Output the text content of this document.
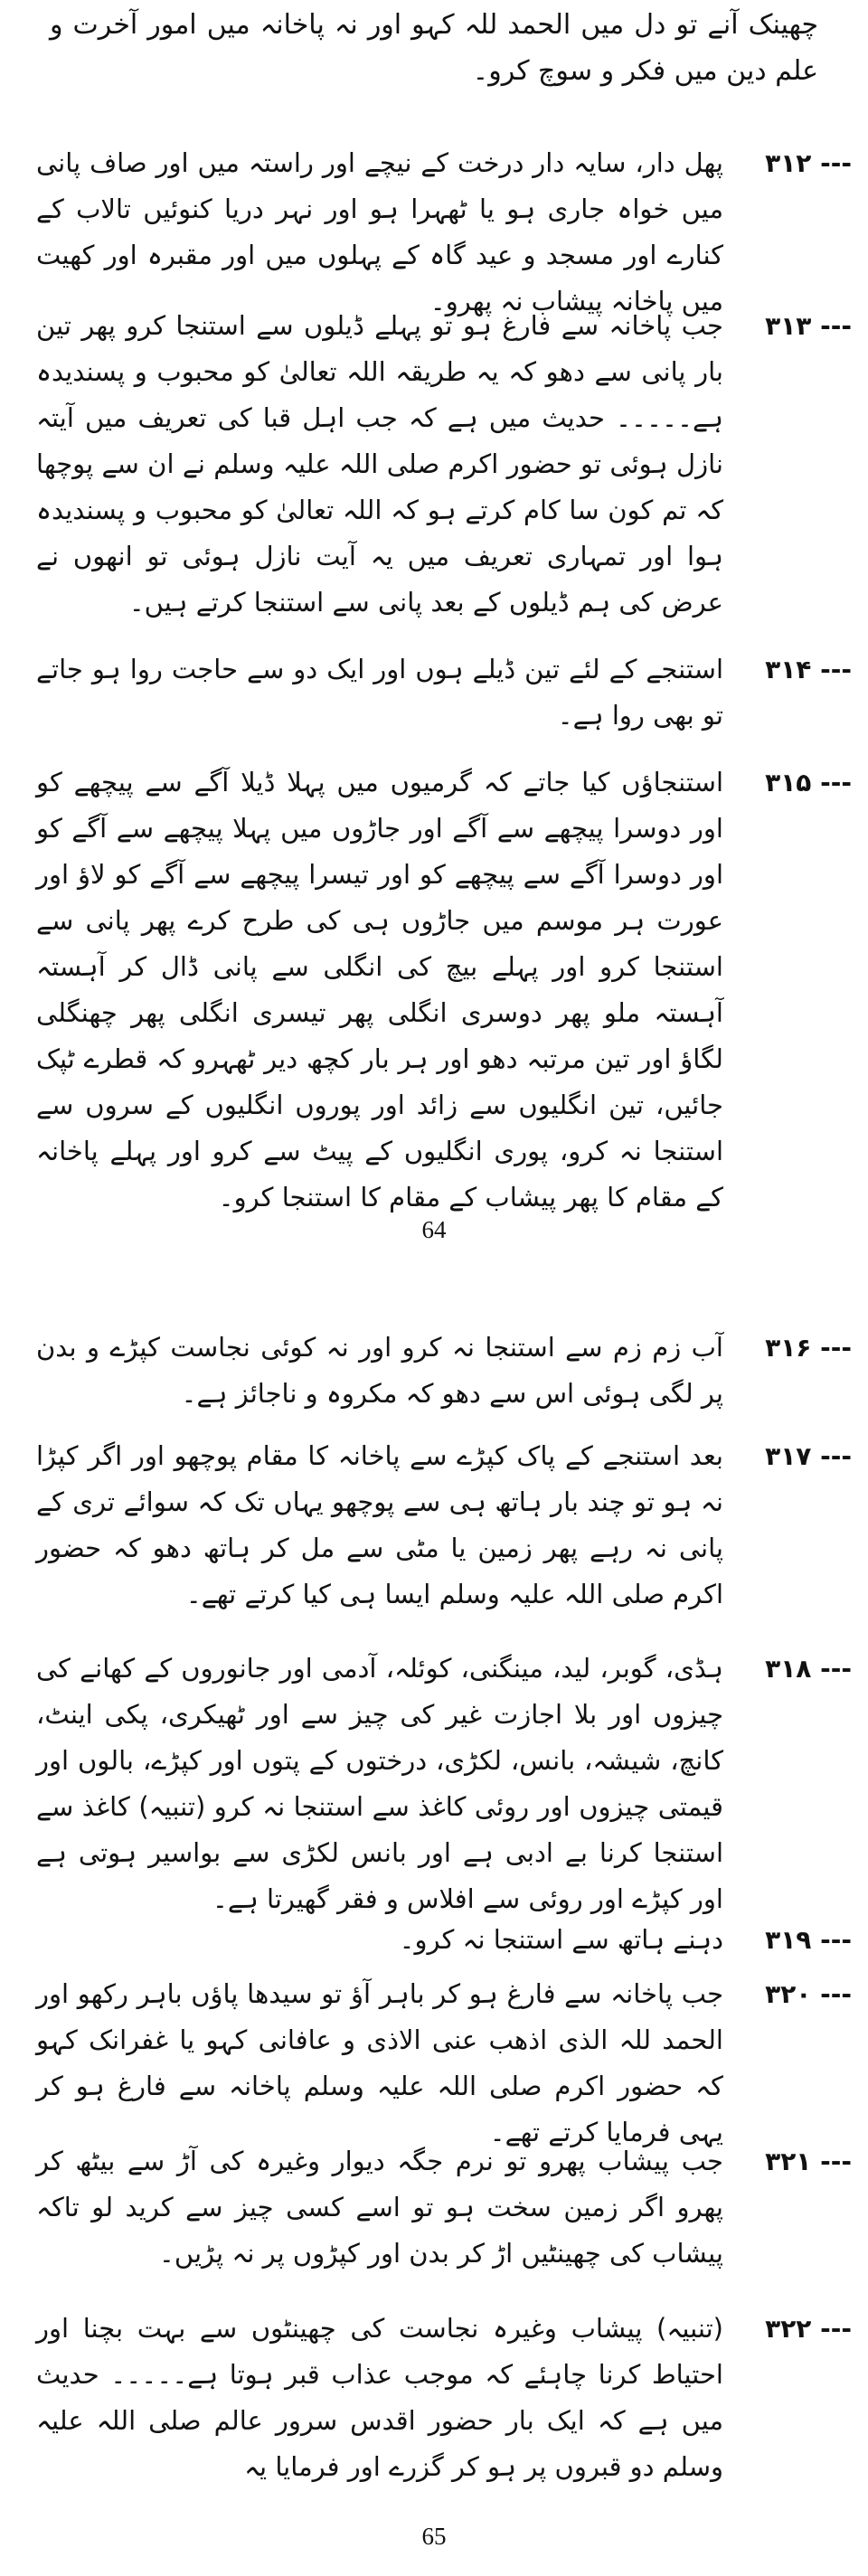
چھینک آنے تو دل میں الحمد للہ کہو اور نہ پاخانہ میں امور آخرت و علم دین میں فکر و سوچ کرو۔
۳۱۲ ---
پھل دار، سایہ دار درخت کے نیچے اور راستہ میں اور صاف پانی میں خواہ جاری ہو یا ٹھہرا ہو اور نہر دریا کنوئیں تالاب کے کنارے اور مسجد و عید گاہ کے پہلوں میں اور مقبرہ اور کھیت میں پاخانہ پیشاب نہ پھرو۔
۳۱۳ ---
جب پاخانہ سے فارغ ہو تو پہلے ڈیلوں سے استنجا کرو پھر تین بار پانی سے دھو کہ یہ طریقہ اللہ تعالیٰ کو محبوب و پسندیدہ ہے۔۔۔۔۔ حدیث میں ہے کہ جب اہل قبا کی تعریف میں آیتہ نازل ہوئی تو حضور اکرم صلی اللہ علیہ وسلم نے ان سے پوچھا کہ تم کون سا کام کرتے ہو کہ اللہ تعالیٰ کو محبوب و پسندیدہ ہوا اور تمہاری تعریف میں یہ آیت نازل ہوئی تو انھوں نے عرض کی ہم ڈیلوں کے بعد پانی سے استنجا کرتے ہیں۔
۳۱۴ ---
استنجے کے لئے تین ڈیلے ہوں اور ایک دو سے حاجت روا ہو جاتے تو بھی روا ہے۔
۳۱۵ ---
استنجاؤں کیا جاتے کہ گرمیوں میں پہلا ڈیلا آگے سے پیچھے کو اور دوسرا پیچھے سے آگے اور جاڑوں میں پہلا پیچھے سے آگے کو اور دوسرا آگے سے پیچھے کو اور تیسرا پیچھے سے آگے کو لاؤ اور عورت ہر موسم میں جاڑوں ہی کی طرح کرے پھر پانی سے استنجا کرو اور پہلے بیچ کی انگلی سے پانی ڈال کر آہستہ آہستہ ملو پھر دوسری انگلی پھر تیسری انگلی پھر چھنگلی لگاؤ اور تین مرتبہ دھو اور ہر بار کچھ دیر ٹھہرو کہ قطرے ٹپک جائیں، تین انگلیوں سے زائد اور پوروں انگلیوں کے سروں سے استنجا نہ کرو، پوری انگلیوں کے پیٹ سے کرو اور پہلے پاخانہ کے مقام کا پھر پیشاب کے مقام کا استنجا کرو۔
64
۳۱۶ ---
آب زم زم سے استنجا نہ کرو اور نہ کوئی نجاست کپڑے و بدن پر لگی ہوئی اس سے دھو کہ مکروہ و ناجائز ہے۔
۳۱۷ ---
بعد استنجے کے پاک کپڑے سے پاخانہ کا مقام پوچھو اور اگر کپڑا نہ ہو تو چند بار ہاتھ ہی سے پوچھو یہاں تک کہ سوائے تری کے پانی نہ رہے پھر زمین یا مٹی سے مل کر ہاتھ دھو کہ حضور اکرم صلی اللہ علیہ وسلم ایسا ہی کیا کرتے تھے۔
۳۱۸ ---
ہڈی، گوبر، لید، مینگنی، کوئلہ، آدمی اور جانوروں کے کھانے کی چیزوں اور بلا اجازت غیر کی چیز سے اور ٹھیکری، پکی اینٹ، کانچ، شیشہ، بانس، لکڑی، درختوں کے پتوں اور کپڑے، بالوں اور قیمتی چیزوں اور روئی کاغذ سے استنجا نہ کرو (تنبیہ) کاغذ سے استنجا کرنا بے ادبی ہے اور بانس لکڑی سے بواسیر ہوتی ہے اور کپڑے اور روئی سے افلاس و فقر گھیرتا ہے۔
۳۱۹ ---
دہنے ہاتھ سے استنجا نہ کرو۔
۳۲۰ ---
جب پاخانہ سے فارغ ہو کر باہر آؤ تو سیدھا پاؤں باہر رکھو اور الحمد للہ الذی اذھب عنی الاذی و عافانی کہو یا غفرانک کہو کہ حضور اکرم صلی اللہ علیہ وسلم پاخانہ سے فارغ ہو کر یہی فرمایا کرتے تھے۔
۳۲۱ ---
جب پیشاب پھرو تو نرم جگہ دیوار وغیرہ کی آڑ سے بیٹھ کر پھرو اگر زمین سخت ہو تو اسے کسی چیز سے کرید لو تاکہ پیشاب کی چھینٹیں اڑ کر بدن اور کپڑوں پر نہ پڑیں۔
۳۲۲ ---
(تنبیہ) پیشاب وغیرہ نجاست کی چھینٹوں سے بہت بچنا اور احتیاط کرنا چاہئے کہ موجب عذاب قبر ہوتا ہے۔۔۔۔۔ حدیث میں ہے کہ ایک بار حضور اقدس سرور عالم صلی اللہ علیہ وسلم دو قبروں پر ہو کر گزرے اور فرمایا یہ
65
